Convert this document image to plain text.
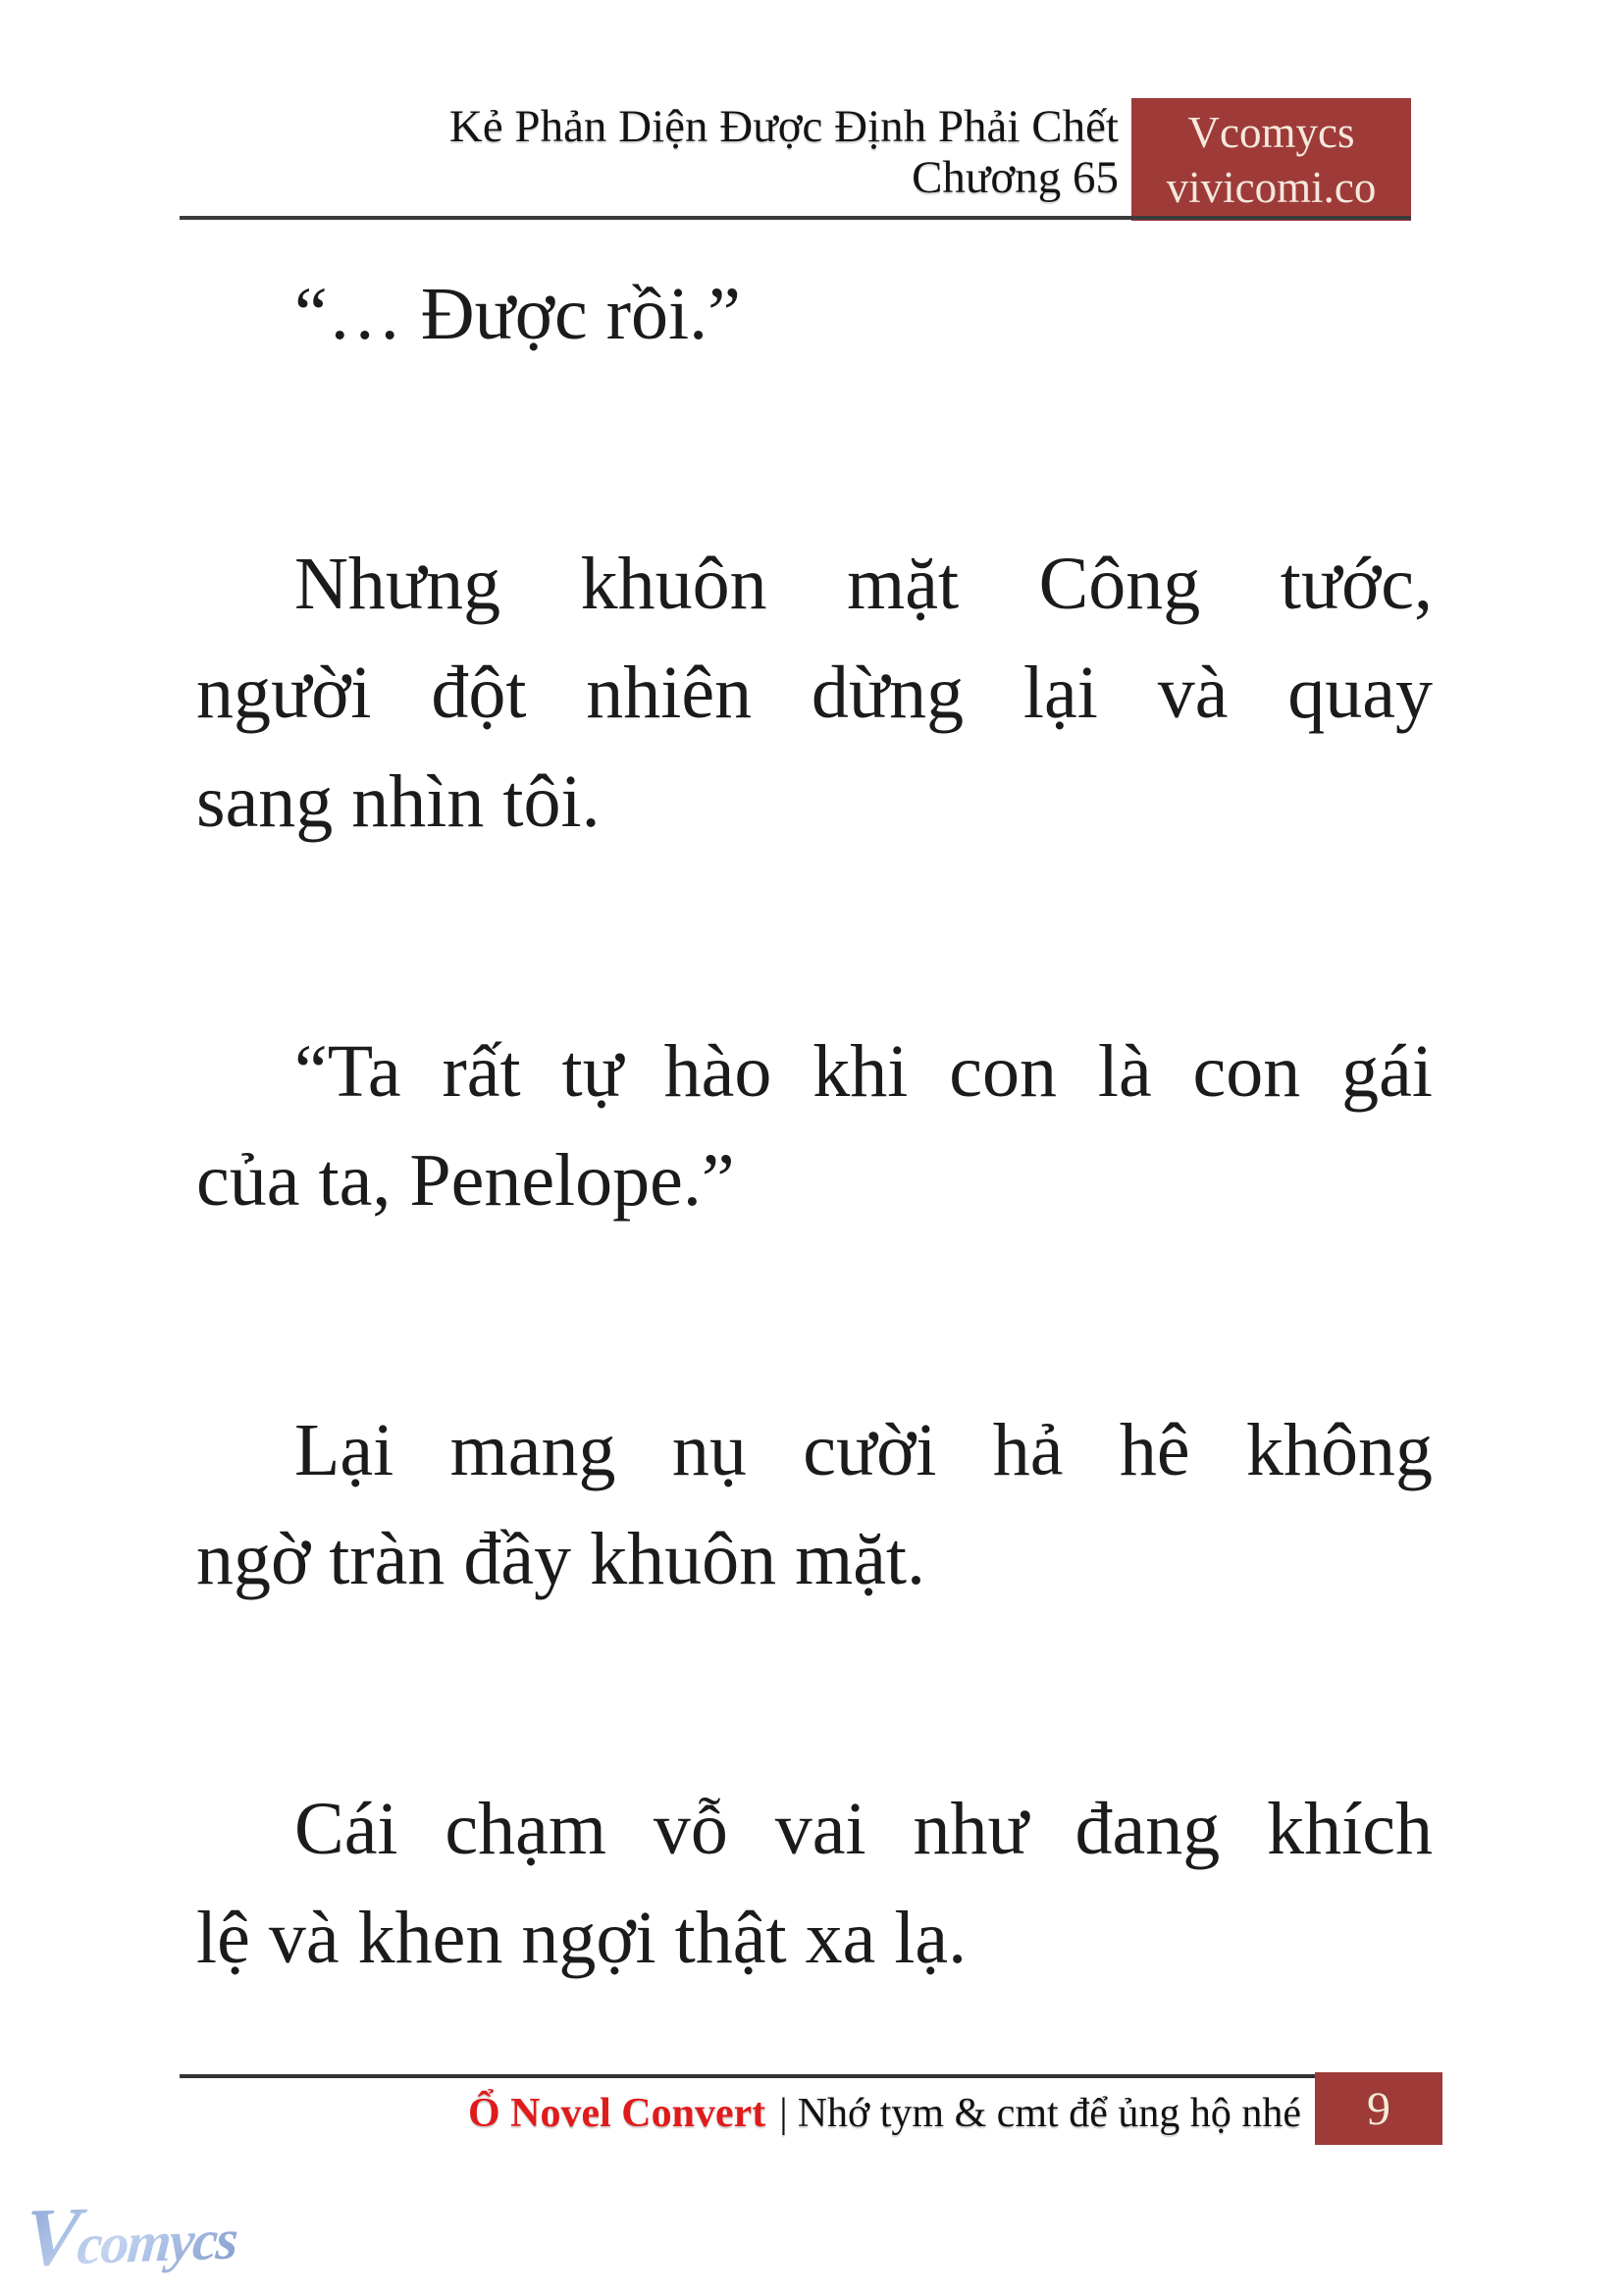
Kẻ Phản Diện Được Định Phải Chết
Chương 65
Vcomycs
vivicomi.co
“… Được rồi.”
Nhưng khuôn mặt Công tước,
người đột nhiên dừng lại và quay
sang nhìn tôi.
“Ta rất tự hào khi con là con gái
của ta, Penelope.”
Lại mang nụ cười hả hê không
ngờ tràn đầy khuôn mặt.
Cái chạm vỗ vai như đang khích
lệ và khen ngợi thật xa lạ.
Ổ Novel Convert | Nhớ tym & cmt để ủng hộ nhé 9
Vcomycs
